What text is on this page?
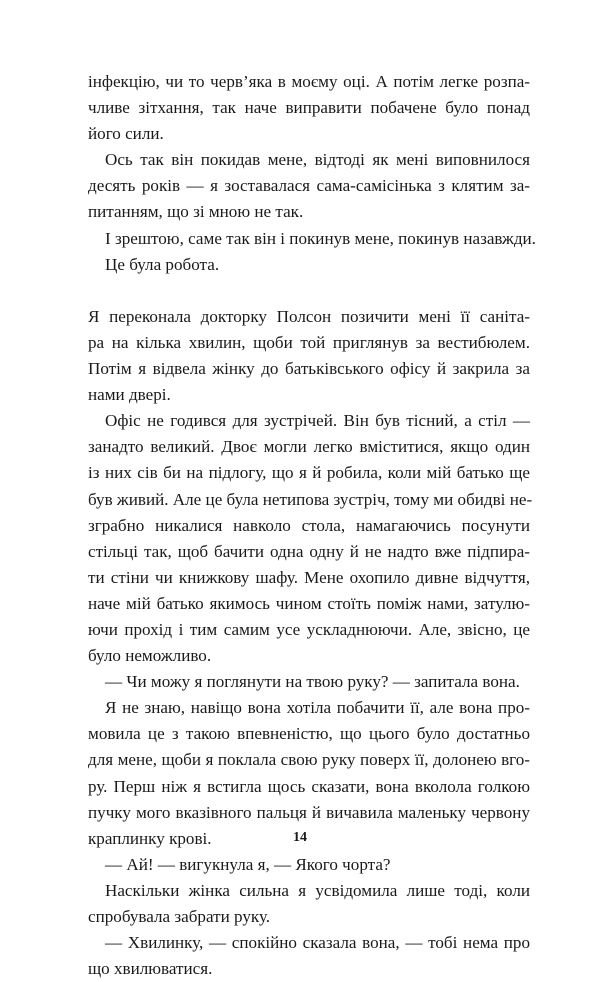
інфекцію, чи то черв’яка в моєму оці. А потім легке розпа-
чливе зітхання, так наче виправити побачене було понад
його сили.
Ось так він покидав мене, відтоді як мені виповнилося
десять років — я зоставалася сама-самісінька з клятим за-
питанням, що зі мною не так.
І зрештою, саме так він і покинув мене, покинув назавжди.
Це була робота.
Я переконала докторку Полсон позичити мені її саніта-
ра на кілька хвилин, щоби той приглянув за вестибюлем.
Потім я відвела жінку до батьківського офісу й закрила за
нами двері.
Офіс не годився для зустрічей. Він був тісний, а стіл —
занадто великий. Двоє могли легко вміститися, якщо один
із них сів би на підлогу, що я й робила, коли мій батько ще
був живий. Але це була нетипова зустріч, тому ми обидві не-
зграбно никалися навколо стола, намагаючись посунути
стільці так, щоб бачити одна одну й не надто вже підпира-
ти стіни чи книжкову шафу. Мене охопило дивне відчуття,
наче мій батько якимось чином стоїть поміж нами, затулю-
ючи прохід і тим самим усе ускладнюючи. Але, звісно, це
було неможливо.
— Чи можу я поглянути на твою руку? — запитала вона.
Я не знаю, навіщо вона хотіла побачити її, але вона про-
мовила це з такою впевненістю, що цього було достатньо
для мене, щоби я поклала свою руку поверх її, долонею вго-
ру. Перш ніж я встигла щось сказати, вона вколола голкою
пучку мого вказівного пальця й вичавила маленьку червону
краплинку крові.
— Ай! — вигукнула я, — Якого чорта?
Наскільки жінка сильна я усвідомила лише тоді, коли
спробувала забрати руку.
— Хвилинку, — спокійно сказала вона, — тобі нема про
що хвилюватися.
14
